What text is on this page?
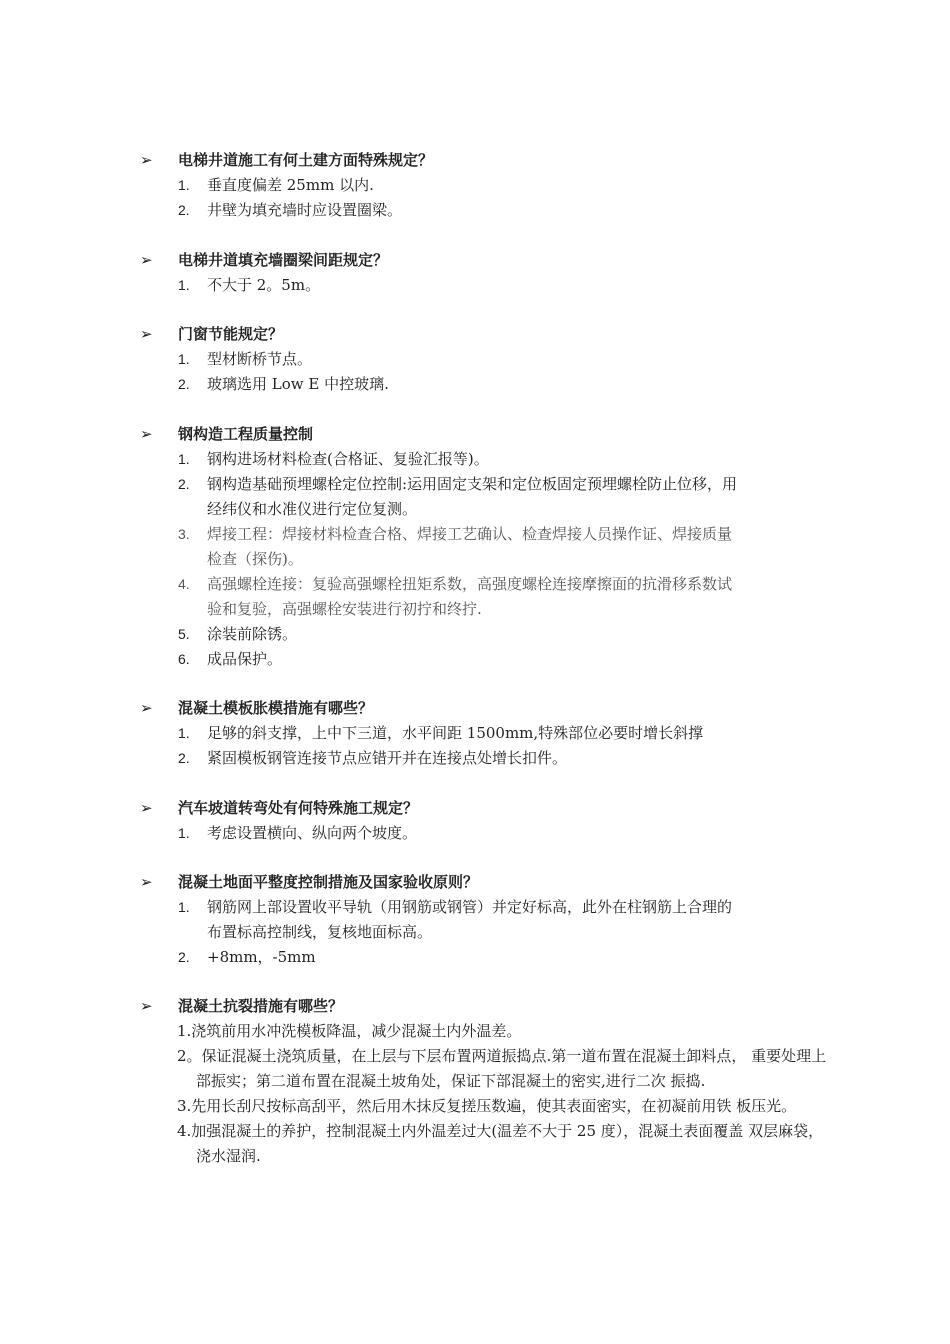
➢	电梯井道施工有何土建方面特殊规定？
1. 垂直度偏差 25mm 以内.
2. 井壁为填充墙时应设置圈梁。
➢	电梯井道填充墙圈梁间距规定？
1. 不大于 2。5m。
➢	门窗节能规定？
1. 型材断桥节点。
2. 玻璃选用 Low E 中控玻璃.
➢	钢构造工程质量控制
1. 钢构进场材料检查(合格证、复验汇报等)。
2. 钢构造基础预埋螺栓定位控制:运用固定支架和定位板固定预埋螺栓防止位移，用
经纬仪和水准仪进行定位复测。
3. 焊接工程：焊接材料检查合格、焊接工艺确认、检查焊接人员操作证、焊接质量
检查（探伤)。
4. 高强螺栓连接：复验高强螺栓扭矩系数，高强度螺栓连接摩擦面的抗滑移系数试
验和复验，高强螺栓安装进行初拧和终拧.
5. 涂装前除锈。
6. 成品保护。
➢	混凝土模板胀模措施有哪些？
1. 足够的斜支撑，上中下三道，水平间距 1500mm,特殊部位必要时增长斜撑
2. 紧固模板钢管连接节点应错开并在连接点处增长扣件。
➢	汽车坡道转弯处有何特殊施工规定？
1. 考虑设置横向、纵向两个坡度。
➢	混凝土地面平整度控制措施及国家验收原则？
1. 钢筋网上部设置收平导轨（用钢筋或钢管）并定好标高，此外在柱钢筋上合理的
布置标高控制线，复核地面标高。
2. +8mm，-5mm
➢	混凝土抗裂措施有哪些？
1.浇筑前用水冲洗模板降温，减少混凝土内外温差。
2。保证混凝土浇筑质量，在上层与下层布置两道振捣点.第一道布置在混凝土卸料点， 重要处理上部振实；第二道布置在混凝土坡角处，保证下部混凝土的密实,进行二次 振捣.
3.先用长刮尺按标高刮平，然后用木抹反复搓压数遍，使其表面密实，在初凝前用铁 板压光。
4.加强混凝土的养护，控制混凝土内外温差过大(温差不大于 25 度），混凝土表面覆盖 双层麻袋，浇水湿润.
